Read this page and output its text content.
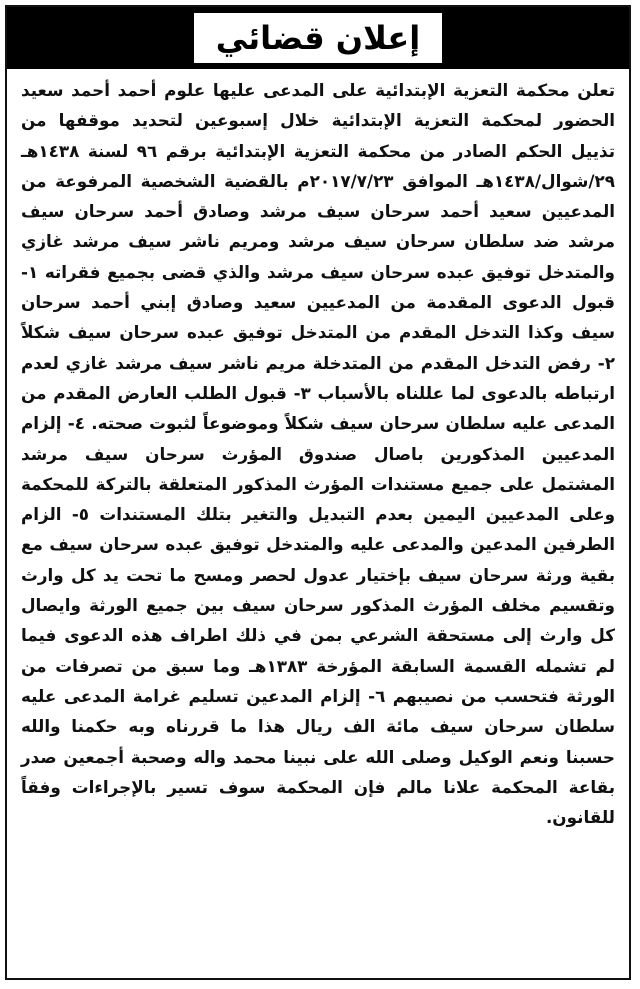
إعلان قضائي

تعلن محكمة التعزية الإبتدائية على المدعى عليها علوم أحمد أحمد سعيد الحضور لمحكمة التعزية الإبتدائية خلال إسبوعين لتحديد موقفها من تذييل الحكم الصادر من محكمة التعزية الإبتدائية برقم ٩٦ لسنة ١٤٣٨هـ ٢٩/شوال/١٤٣٨هـ الموافق ٢٠١٧/٧/٢٣م بالقضية الشخصية المرفوعة من المدعيين سعيد أحمد سرحان سيف مرشد وصادق أحمد سرحان سيف مرشد ضد سلطان سرحان سيف مرشد ومريم ناشر سيف مرشد غازي والمتدخل توفيق عبده سرحان سيف مرشد والذي قضى بجميع فقراته ١- قبول الدعوى المقدمة من المدعيين سعيد وصادق إبني أحمد سرحان سيف وكذا التدخل المقدم من المتدخل توفيق عبده سرحان سيف شكلاً ٢- رفض التدخل المقدم من المتدخلة مريم ناشر سيف مرشد غازي لعدم ارتباطه بالدعوى لما عللناه بالأسباب ٣- قبول الطلب العارض المقدم من المدعى عليه سلطان سرحان سيف شكلاً وموضوعاً لثبوت صحته. ٤- إلزام المدعيين المذكورين باصال صندوق المؤرث سرحان سيف مرشد المشتمل على جميع مستندات المؤرث المذكور المتعلقة بالتركة للمحكمة وعلى المدعيين اليمين بعدم التبديل والتغير بتلك المستندات ٥- الزام الطرفين المدعين والمدعى عليه والمتدخل توفيق عبده سرحان سيف مع بقية ورثة سرحان سيف بإختيار عدول لحصر ومسح ما تحت يد كل وارث وتقسيم مخلف المؤرث المذكور سرحان سيف بين جميع الورثة وايصال كل وارث إلى مستحقة الشرعي بمن في ذلك اطراف هذه الدعوى فيما لم تشمله القسمة السابقة المؤرخة ١٣٨٣هـ وما سبق من تصرفات من الورثة فتحسب من نصيبهم ٦- إلزام المدعين تسليم غرامة المدعى عليه سلطان سرحان سيف مائة الف ريال هذا ما قررناه وبه حكمنا والله حسبنا ونعم الوكيل وصلى الله على نبينا محمد واله وصحبة أجمعين صدر بقاعة المحكمة علانا مالم فإن المحكمة سوف تسير بالإجراءات وفقاً للقانون.
